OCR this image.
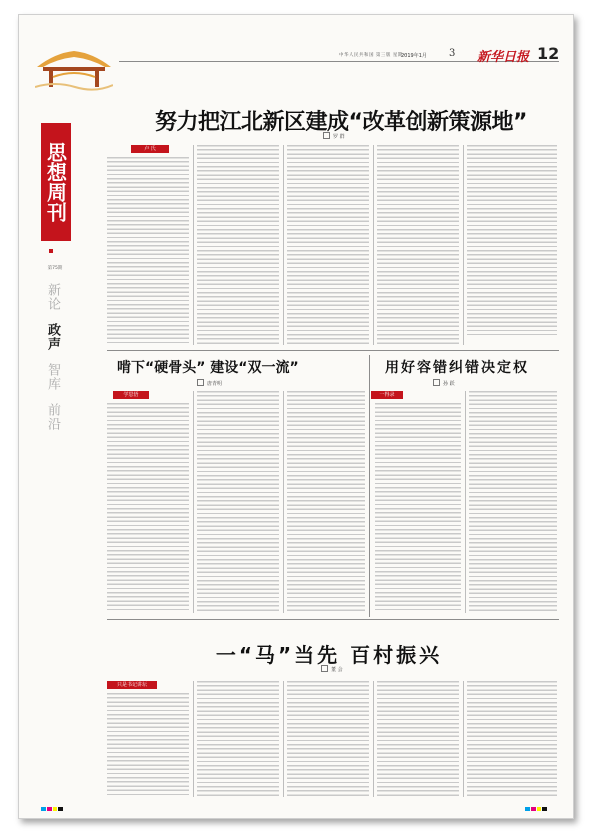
中华人民共和国 第三版 星期一
2019年1月 3 新华日报 12
思想周刊
第75期
新论
政声
智库
前沿
努力把江北新区建成“改革创新策源地”
罗 群
卢 氏
啃下“硬骨头” 建设“双一流”
唐青明
学思悟
用好容错纠错决定权
孙 跃
一得录
一“马”当先 百村振兴
董 会
只是书记讲坛
